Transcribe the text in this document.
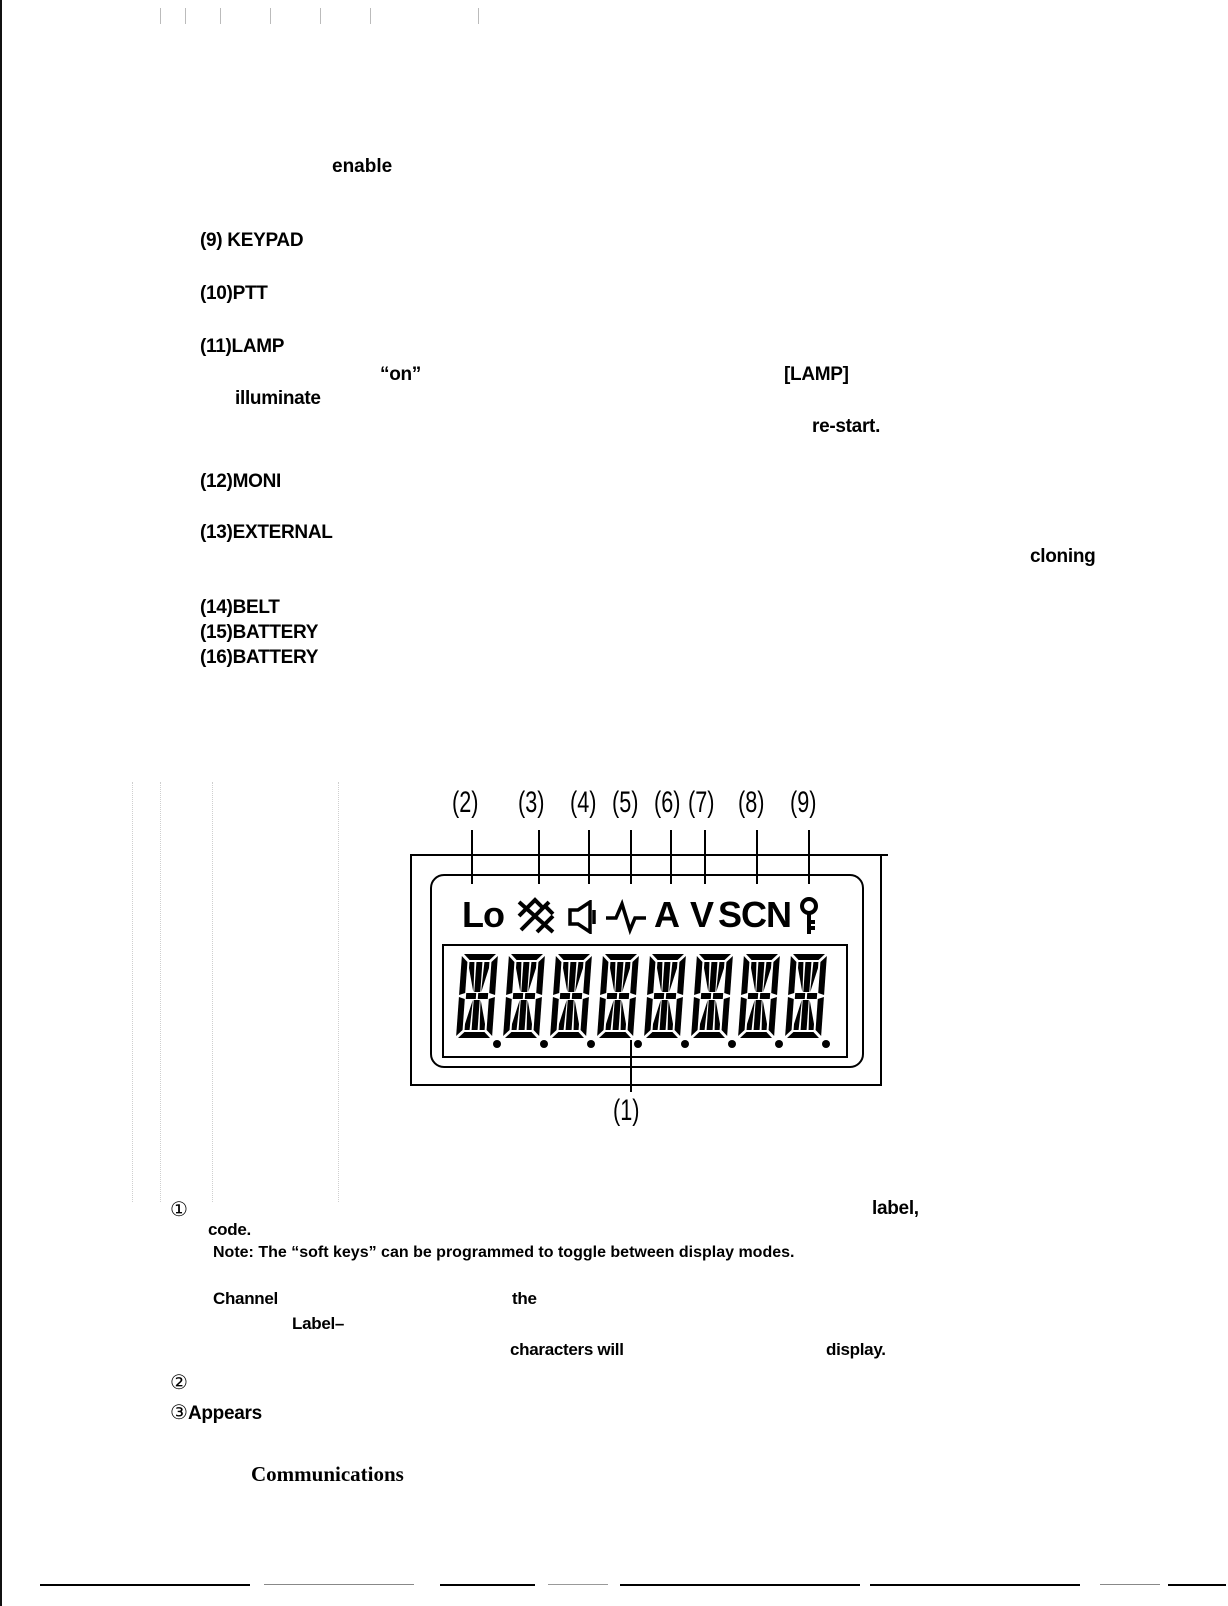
enable
(9) KEYPAD
(10)PTT
(11)LAMP
“on”	[LAMP]
illuminate
re-start.
(12)MONI
(13)EXTERNAL
cloning
(14)BELT
(15)BATTERY
(16)BATTERY
(2) (3) (4) (5) (6) (7) (8) (9)
Lo	A V SCN
(1)
①	label,
code.
Note: The “soft keys” can be programmed to toggle between display modes.
Channel	the
Label–
characters will	display.
②
③Appears
Communications
